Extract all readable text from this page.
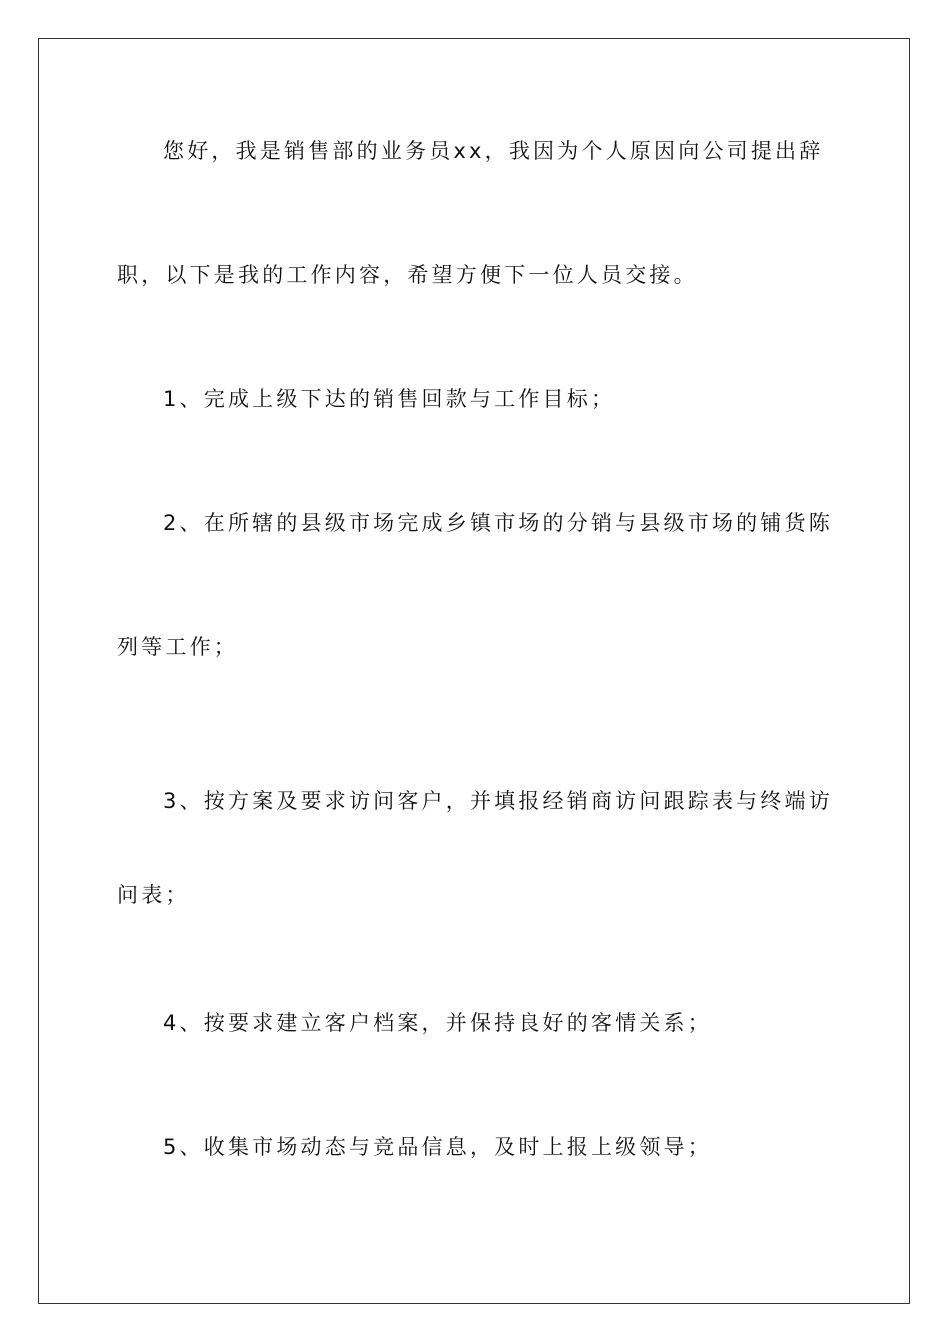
您好，我是销售部的业务员xx，我因为个人原因向公司提出辞
职，以下是我的工作内容，希望方便下一位人员交接。
1、完成上级下达的销售回款与工作目标；
2、在所辖的县级市场完成乡镇市场的分销与县级市场的铺货陈
列等工作；
3、按方案及要求访问客户，并填报经销商访问跟踪表与终端访
问表；
4、按要求建立客户档案，并保持良好的客情关系；
5、收集市场动态与竞品信息，及时上报上级领导；
